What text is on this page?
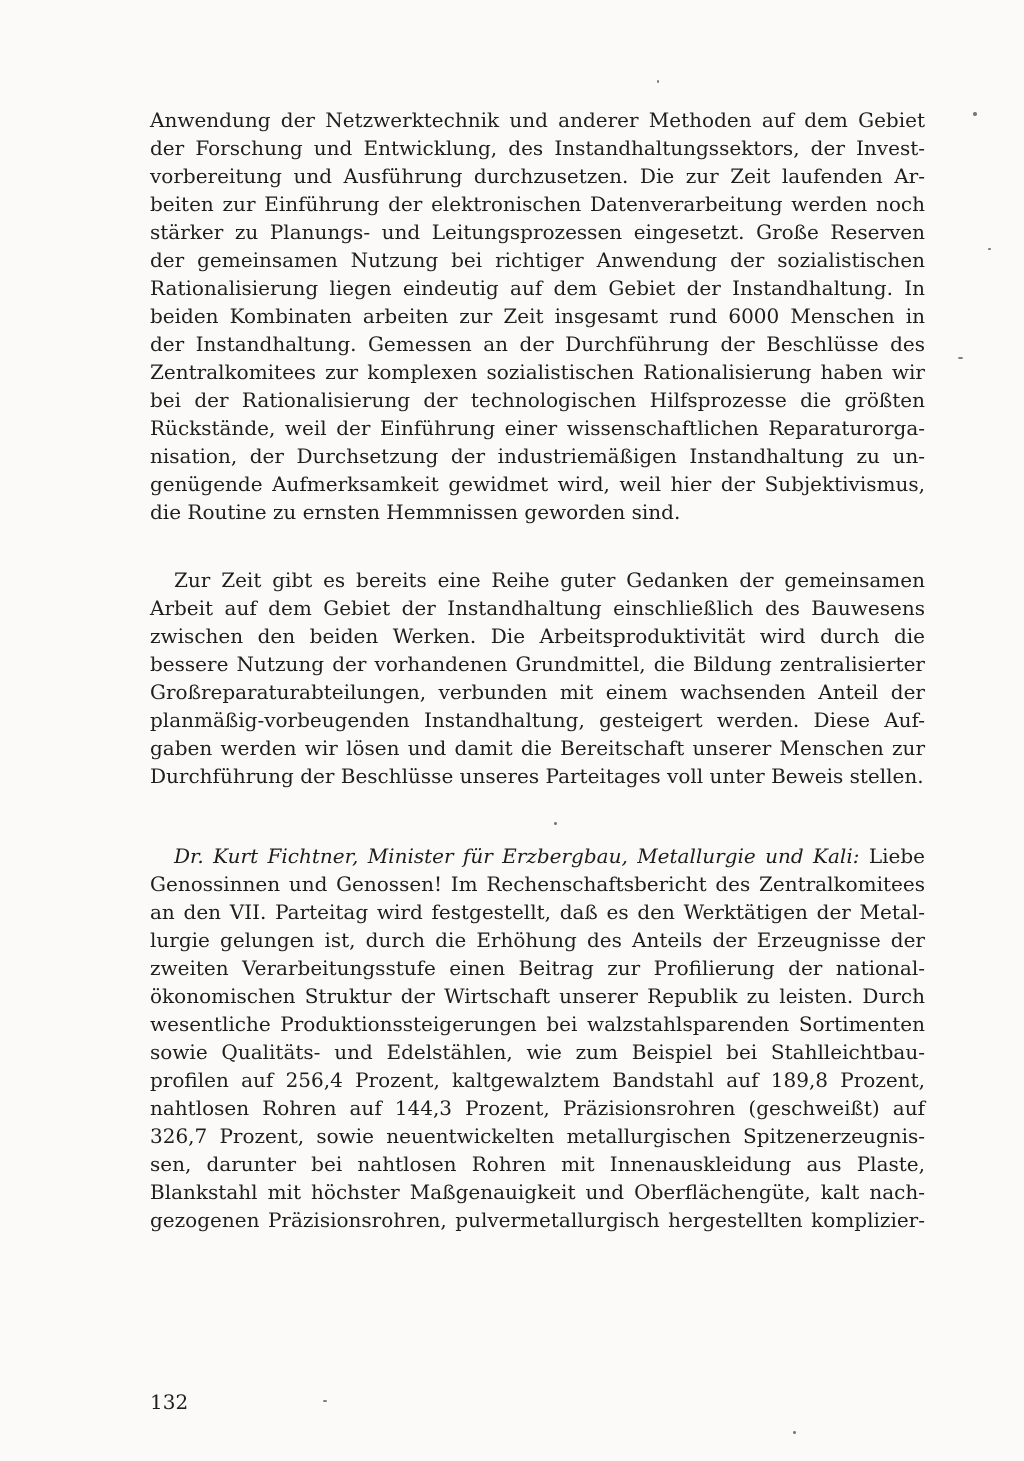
Anwendung der Netzwerktechnik und anderer Methoden auf dem Gebiet
der Forschung und Entwicklung, des Instandhaltungssektors, der Invest-
vorbereitung und Ausführung durchzusetzen. Die zur Zeit laufenden Ar-
beiten zur Einführung der elektronischen Datenverarbeitung werden noch
stärker zu Planungs- und Leitungsprozessen eingesetzt. Große Reserven
der gemeinsamen Nutzung bei richtiger Anwendung der sozialistischen
Rationalisierung liegen eindeutig auf dem Gebiet der Instandhaltung. In
beiden Kombinaten arbeiten zur Zeit insgesamt rund 6000 Menschen in
der Instandhaltung. Gemessen an der Durchführung der Beschlüsse des
Zentralkomitees zur komplexen sozialistischen Rationalisierung haben wir
bei der Rationalisierung der technologischen Hilfsprozesse die größten
Rückstände, weil der Einführung einer wissenschaftlichen Reparaturorga-
nisation, der Durchsetzung der industriemäßigen Instandhaltung zu un-
genügende Aufmerksamkeit gewidmet wird, weil hier der Subjektivismus,
die Routine zu ernsten Hemmnissen geworden sind.
Zur Zeit gibt es bereits eine Reihe guter Gedanken der gemeinsamen
Arbeit auf dem Gebiet der Instandhaltung einschließlich des Bauwesens
zwischen den beiden Werken. Die Arbeitsproduktivität wird durch die
bessere Nutzung der vorhandenen Grundmittel, die Bildung zentralisierter
Großreparaturabteilungen, verbunden mit einem wachsenden Anteil der
planmäßig-vorbeugenden Instandhaltung, gesteigert werden. Diese Auf-
gaben werden wir lösen und damit die Bereitschaft unserer Menschen zur
Durchführung der Beschlüsse unseres Parteitages voll unter Beweis stellen.
Dr. Kurt Fichtner, Minister für Erzbergbau, Metallurgie und Kali: Liebe
Genossinnen und Genossen! Im Rechenschaftsbericht des Zentralkomitees
an den VII. Parteitag wird festgestellt, daß es den Werktätigen der Metal-
lurgie gelungen ist, durch die Erhöhung des Anteils der Erzeugnisse der
zweiten Verarbeitungsstufe einen Beitrag zur Profilierung der national-
ökonomischen Struktur der Wirtschaft unserer Republik zu leisten. Durch
wesentliche Produktionssteigerungen bei walzstahlsparenden Sortimenten
sowie Qualitäts- und Edelstählen, wie zum Beispiel bei Stahlleichtbau-
profilen auf 256,4 Prozent, kaltgewalztem Bandstahl auf 189,8 Prozent,
nahtlosen Rohren auf 144,3 Prozent, Präzisionsrohren (geschweißt) auf
326,7 Prozent, sowie neuentwickelten metallurgischen Spitzenerzeugnis-
sen, darunter bei nahtlosen Rohren mit Innenauskleidung aus Plaste,
Blankstahl mit höchster Maßgenauigkeit und Oberflächengüte, kalt nach-
gezogenen Präzisionsrohren, pulvermetallurgisch hergestellten komplizier-
132
